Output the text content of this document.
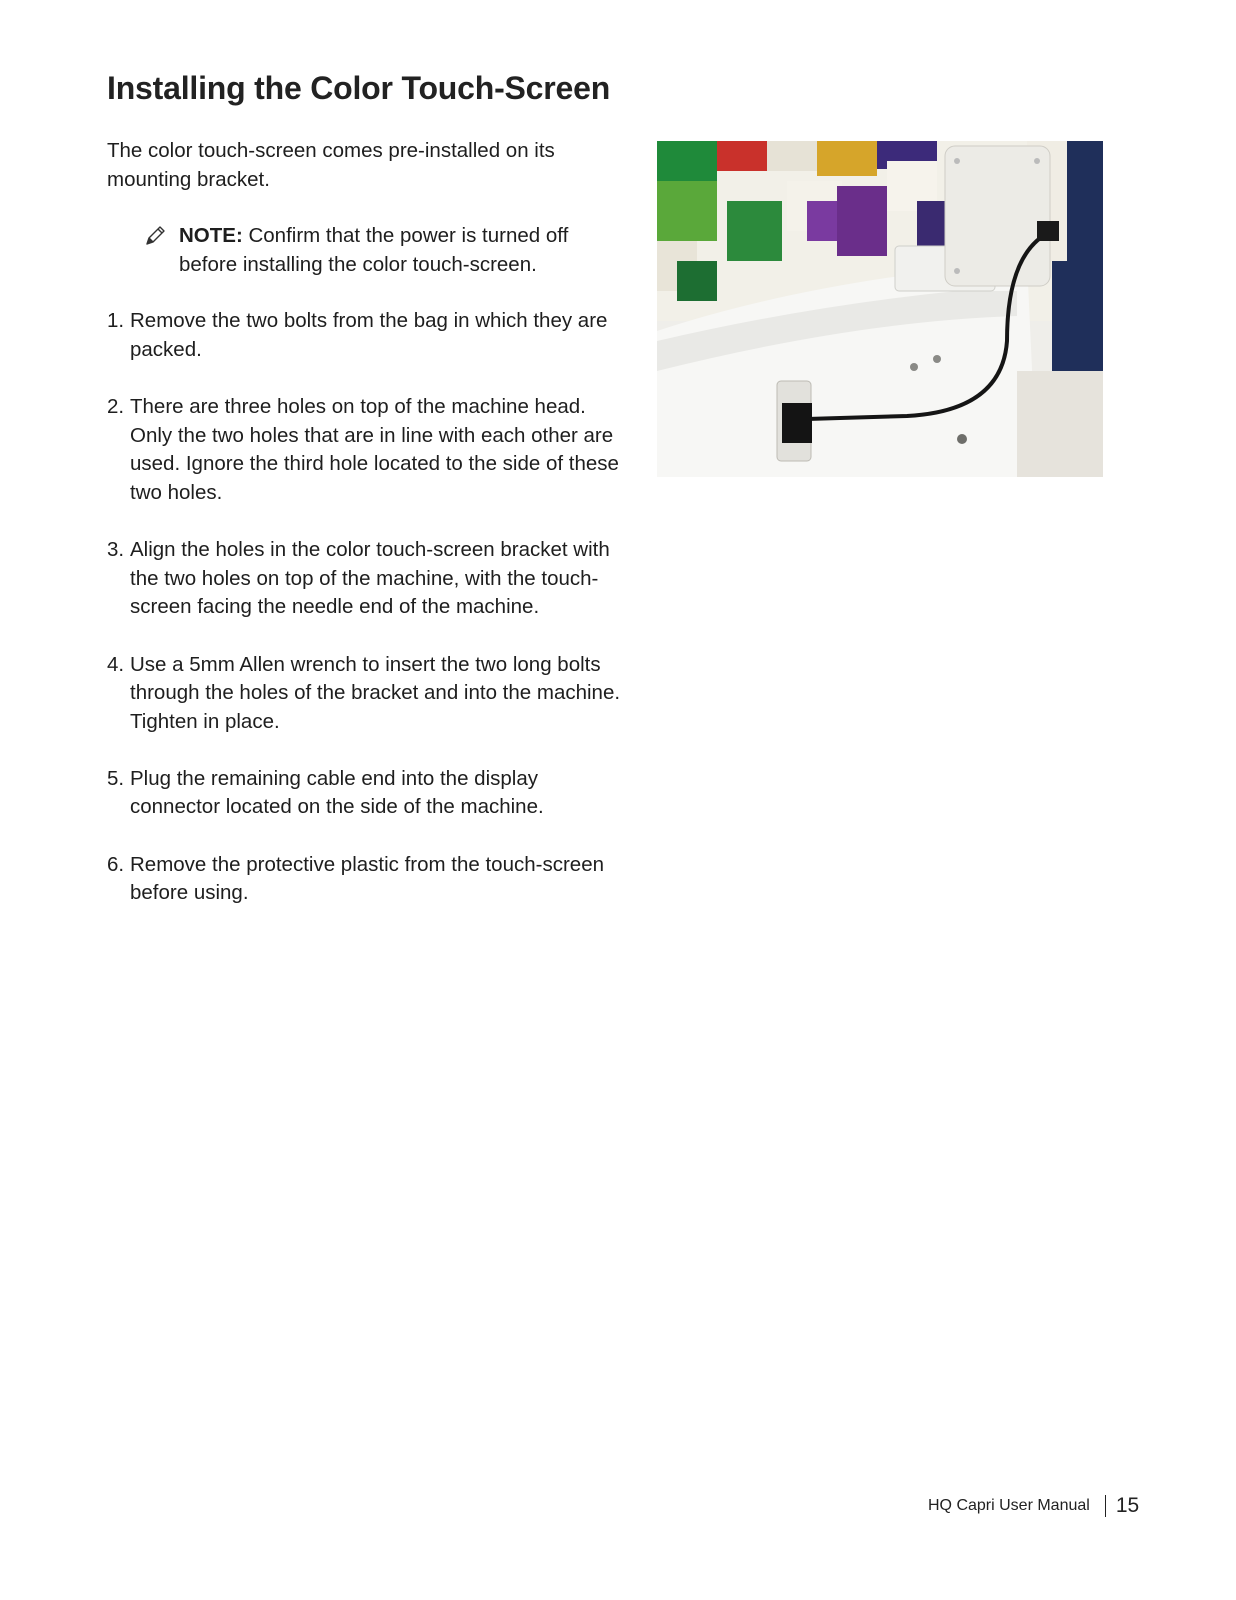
Installing the Color Touch-Screen

The color touch-screen comes pre-installed on its mounting bracket.

NOTE: Confirm that the power is turned off before installing the color touch-screen.
1. Remove the two bolts from the bag in which they are packed.
2. There are three holes on top of the machine head. Only the two holes that are in line with each other are used. Ignore the third hole located to the side of these two holes.
3. Align the holes in the color touch-screen bracket with the two holes on top of the machine, with the touch-screen facing the needle end of the machine.
4. Use a 5mm Allen wrench to insert the two long bolts through the holes of the bracket and into the machine. Tighten in place.
5. Plug the remaining cable end into the display connector located on the side of the machine.
6. Remove the protective plastic from the touch-screen before using.
HQ Capri User Manual 15
